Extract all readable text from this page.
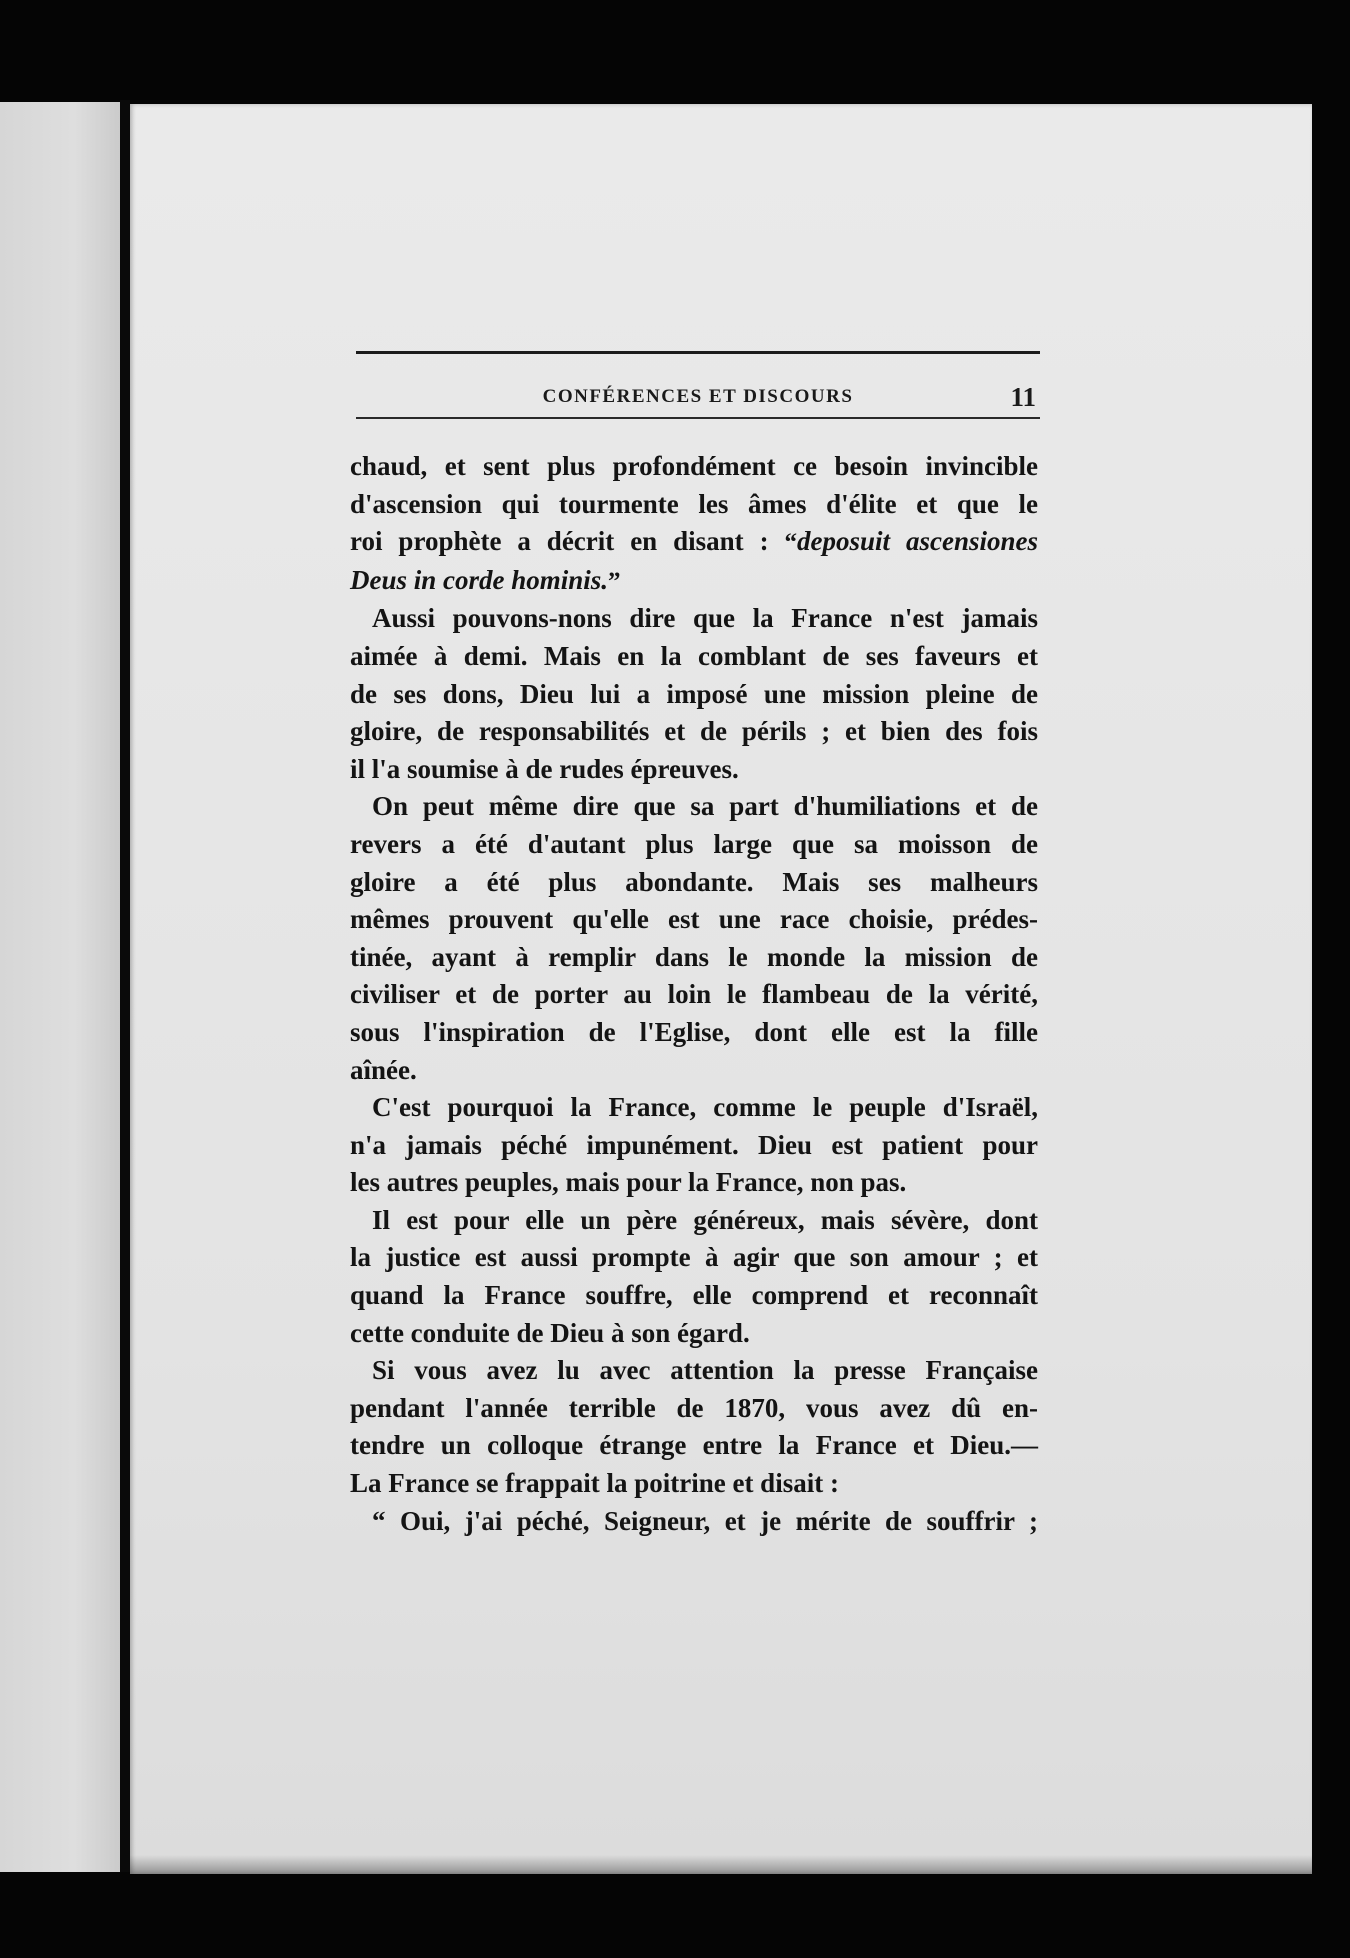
CONFÉRENCES ET DISCOURS	11

chaud, et sent plus profondément ce besoin invincible
d'ascension qui tourmente les âmes d'élite et que le
roi prophète a décrit en disant : “deposuit ascensiones
Deus in corde hominis.”

Aussi pouvons-nons dire que la France n'est jamais
aimée à demi. Mais en la comblant de ses faveurs et
de ses dons, Dieu lui a imposé une mission pleine de
gloire, de responsabilités et de périls ; et bien des fois
il l'a soumise à de rudes épreuves.

On peut même dire que sa part d'humiliations et de
revers a été d'autant plus large que sa moisson de
gloire a été plus abondante. Mais ses malheurs
mêmes prouvent qu'elle est une race choisie, prédes-
tinée, ayant à remplir dans le monde la mission de
civiliser et de porter au loin le flambeau de la vérité,
sous l'inspiration de l'Eglise, dont elle est la fille
aînée.

C'est pourquoi la France, comme le peuple d'Israël,
n'a jamais péché impunément. Dieu est patient pour
les autres peuples, mais pour la France, non pas.

Il est pour elle un père généreux, mais sévère, dont
la justice est aussi prompte à agir que son amour ; et
quand la France souffre, elle comprend et reconnaît
cette conduite de Dieu à son égard.

Si vous avez lu avec attention la presse Française
pendant l'année terrible de 1870, vous avez dû en-
tendre un colloque étrange entre la France et Dieu.—
La France se frappait la poitrine et disait :

“ Oui, j'ai péché, Seigneur, et je mérite de souffrir ;
